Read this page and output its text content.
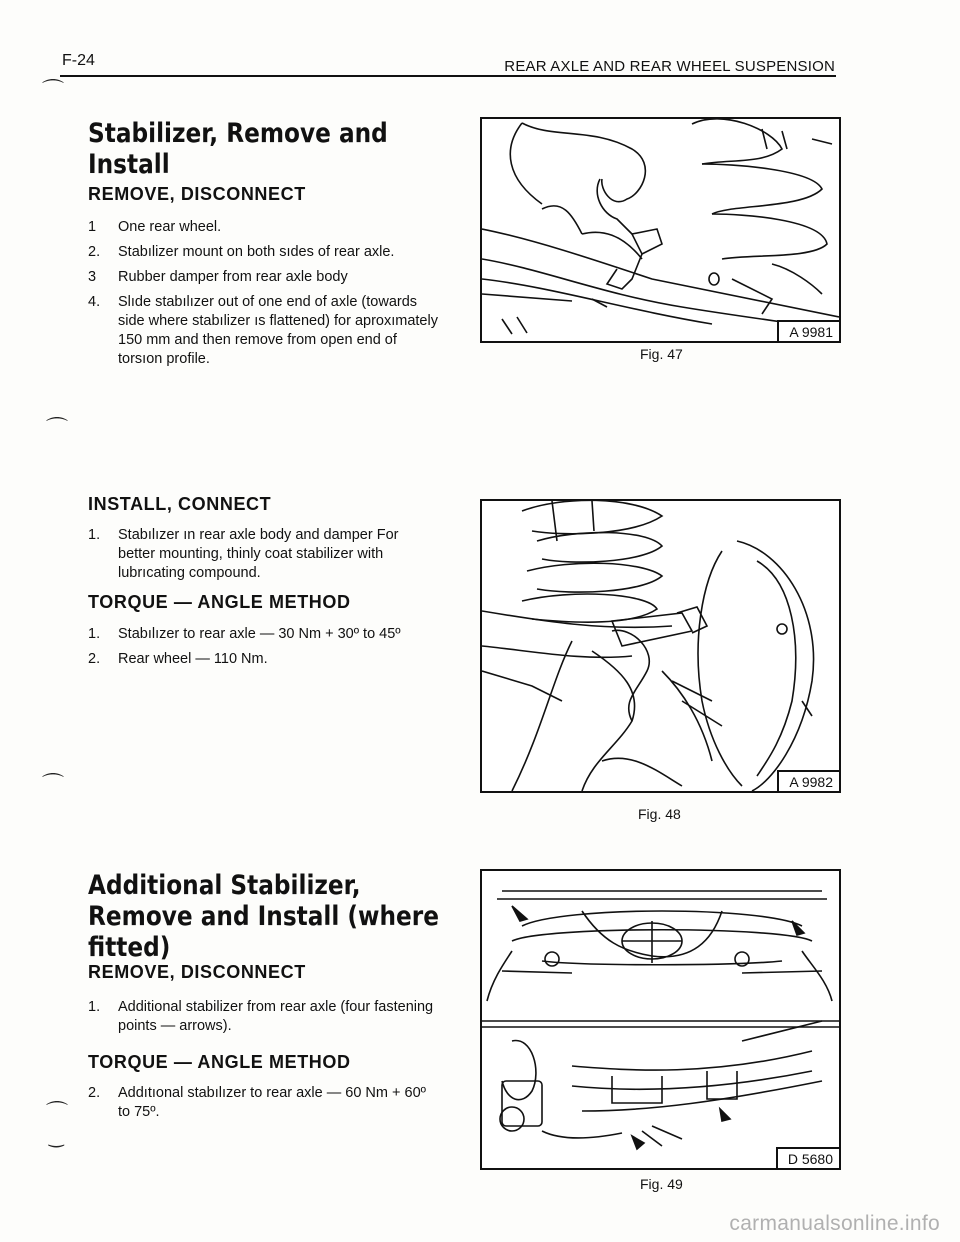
F-24	REAR AXLE AND REAR WHEEL SUSPENSION
⌒
⌒
⌒
⌒
‿

Stabilizer, Remove and

Install

REMOVE, DISCONNECT

1 One rear wheel.
2. Stabılizer mount on both sıdes of rear axle.
3 Rubber damper from rear axle body
4. Slıde stabılızer out of one end of axle (towards side where stabılizer ıs flattened) for aproxımately 150 mm and then remove from open end of torsıon profile.

INSTALL, CONNECT

1. Stabılızer ın rear axle body and damper For better mounting, thinly coat stabilizer with lubrıcating compound.

TORQUE — ANGLE METHOD

1. Stabılızer to rear axle — 30 Nm + 30º to 45º
2. Rear wheel — 110 Nm.

Additional Stabilizer,

Remove and Install (where

fitted)

REMOVE, DISCONNECT

1. Additional stabilizer from rear axle (four fastening points — arrows).

TORQUE — ANGLE METHOD

2. Addıtıonal stabılızer to rear axle — 60 Nm + 60º to 75º.
A 9981
Fig. 47
A 9982
Fig. 48
D 5680
Fig. 49
carmanualsonline.info
